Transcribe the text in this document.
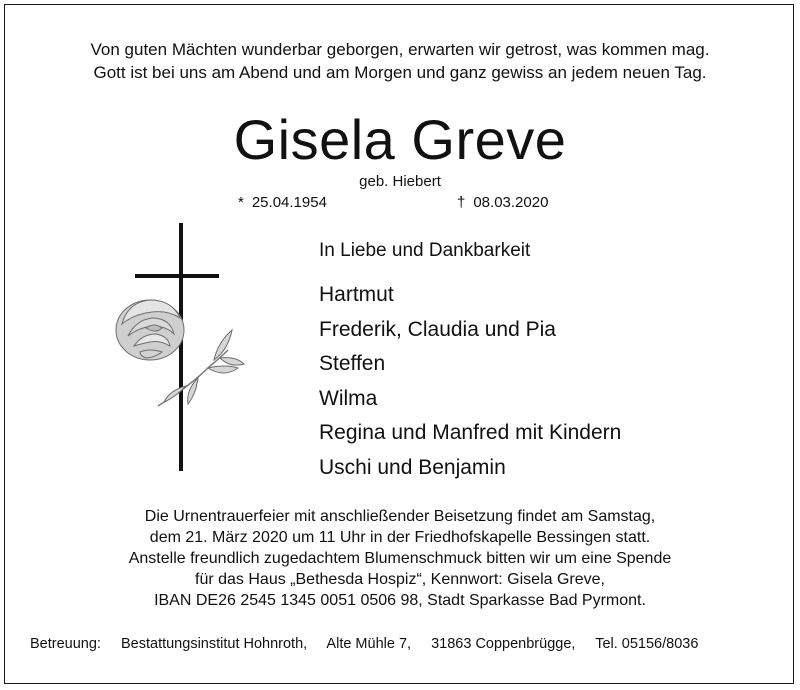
Von guten Mächten wunderbar geborgen, erwarten wir getrost, was kommen mag.
Gott ist bei uns am Abend und am Morgen und ganz gewiss an jedem neuen Tag.
Gisela Greve
geb. Hiebert
* 25.04.1954	† 08.03.2020
In Liebe und Dankbarkeit
Hartmut
Frederik, Claudia und Pia
Steffen
Wilma
Regina und Manfred mit Kindern
Uschi und Benjamin
Die Urnentrauerfeier mit anschließender Beisetzung findet am Samstag,
dem 21. März 2020 um 11 Uhr in der Friedhofskapelle Bessingen statt.
Anstelle freundlich zugedachtem Blumenschmuck bitten wir um eine Spende
für das Haus „Bethesda Hospiz“, Kennwort: Gisela Greve,
IBAN DE26 2545 1345 0051 0506 98, Stadt Sparkasse Bad Pyrmont.
Betreuung: Bestattungsinstitut Hohnroth, Alte Mühle 7, 31863 Coppenbrügge, Tel. 05156/8036
